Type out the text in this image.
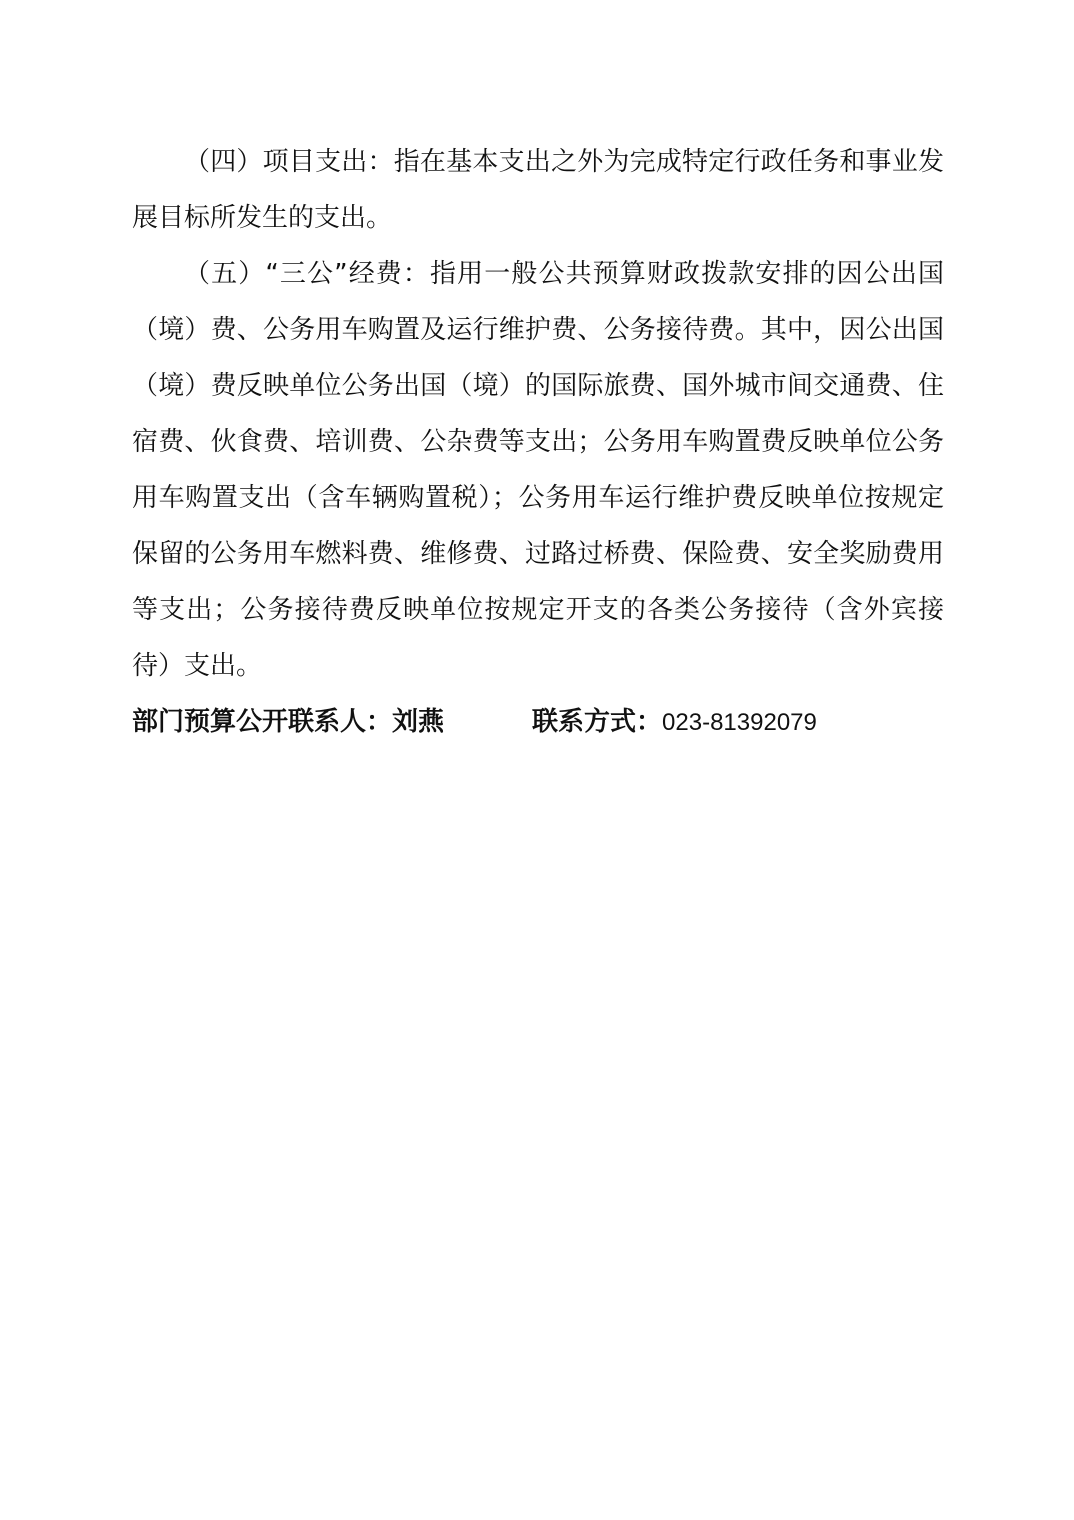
（四）项目支出：指在基本支出之外为完成特定行政任务和事业发展目标所发生的支出。

（五）“三公”经费：指用一般公共预算财政拨款安排的因公出国（境）费、公务用车购置及运行维护费、公务接待费。其中，因公出国（境）费反映单位公务出国（境）的国际旅费、国外城市间交通费、住宿费、伙食费、培训费、公杂费等支出；公务用车购置费反映单位公务用车购置支出（含车辆购置税）；公务用车运行维护费反映单位按规定保留的公务用车燃料费、维修费、过路过桥费、保险费、安全奖励费用等支出；公务接待费反映单位按规定开支的各类公务接待（含外宾接待）支出。

部门预算公开联系人：刘燕	联系方式：023-81392079
